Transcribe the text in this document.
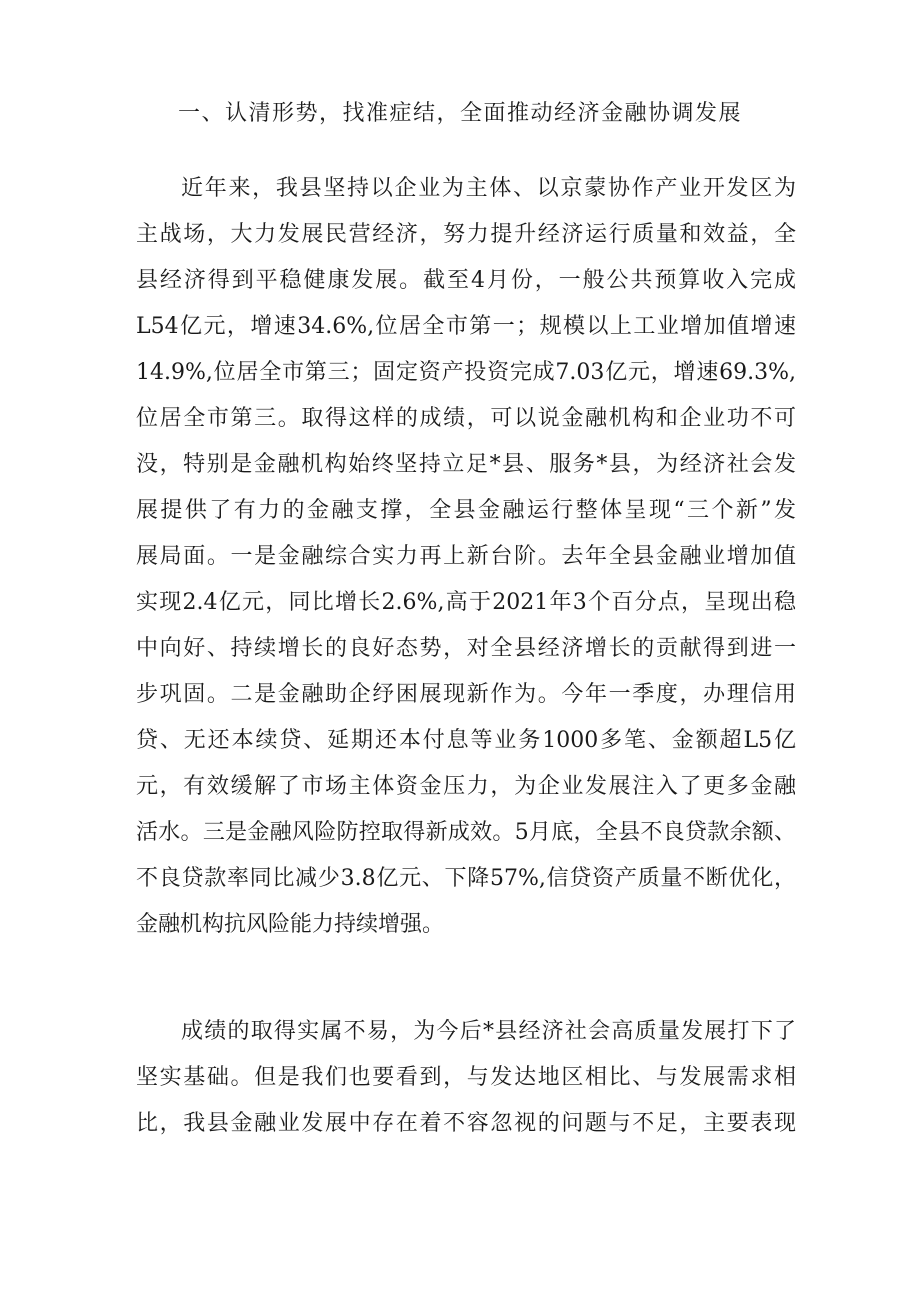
一、认清形势，找准症结，全面推动经济金融协调发展
近年来，我县坚持以企业为主体、以京蒙协作产业开发区为
主战场，大力发展民营经济，努力提升经济运行质量和效益，全
县经济得到平稳健康发展。截至4月份，一般公共预算收入完成
L54亿元，增速34.6%,位居全市第一；规模以上工业增加值增速
14.9%,位居全市第三；固定资产投资完成7.03亿元，增速69.3%,
位居全市第三。取得这样的成绩，可以说金融机构和企业功不可
没，特别是金融机构始终坚持立足*县、服务*县，为经济社会发
展提供了有力的金融支撑，全县金融运行整体呈现“三个新”发
展局面。一是金融综合实力再上新台阶。去年全县金融业增加值
实现2.4亿元，同比增长2.6%,高于2021年3个百分点，呈现出稳
中向好、持续增长的良好态势，对全县经济增长的贡献得到进一
步巩固。二是金融助企纾困展现新作为。今年一季度，办理信用
贷、无还本续贷、延期还本付息等业务1000多笔、金额超L5亿
元，有效缓解了市场主体资金压力，为企业发展注入了更多金融
活水。三是金融风险防控取得新成效。5月底，全县不良贷款余额、
不良贷款率同比减少3.8亿元、下降57%,信贷资产质量不断优化，
金融机构抗风险能力持续增强。
成绩的取得实属不易，为今后*县经济社会高质量发展打下了
坚实基础。但是我们也要看到，与发达地区相比、与发展需求相
比，我县金融业发展中存在着不容忽视的问题与不足，主要表现
